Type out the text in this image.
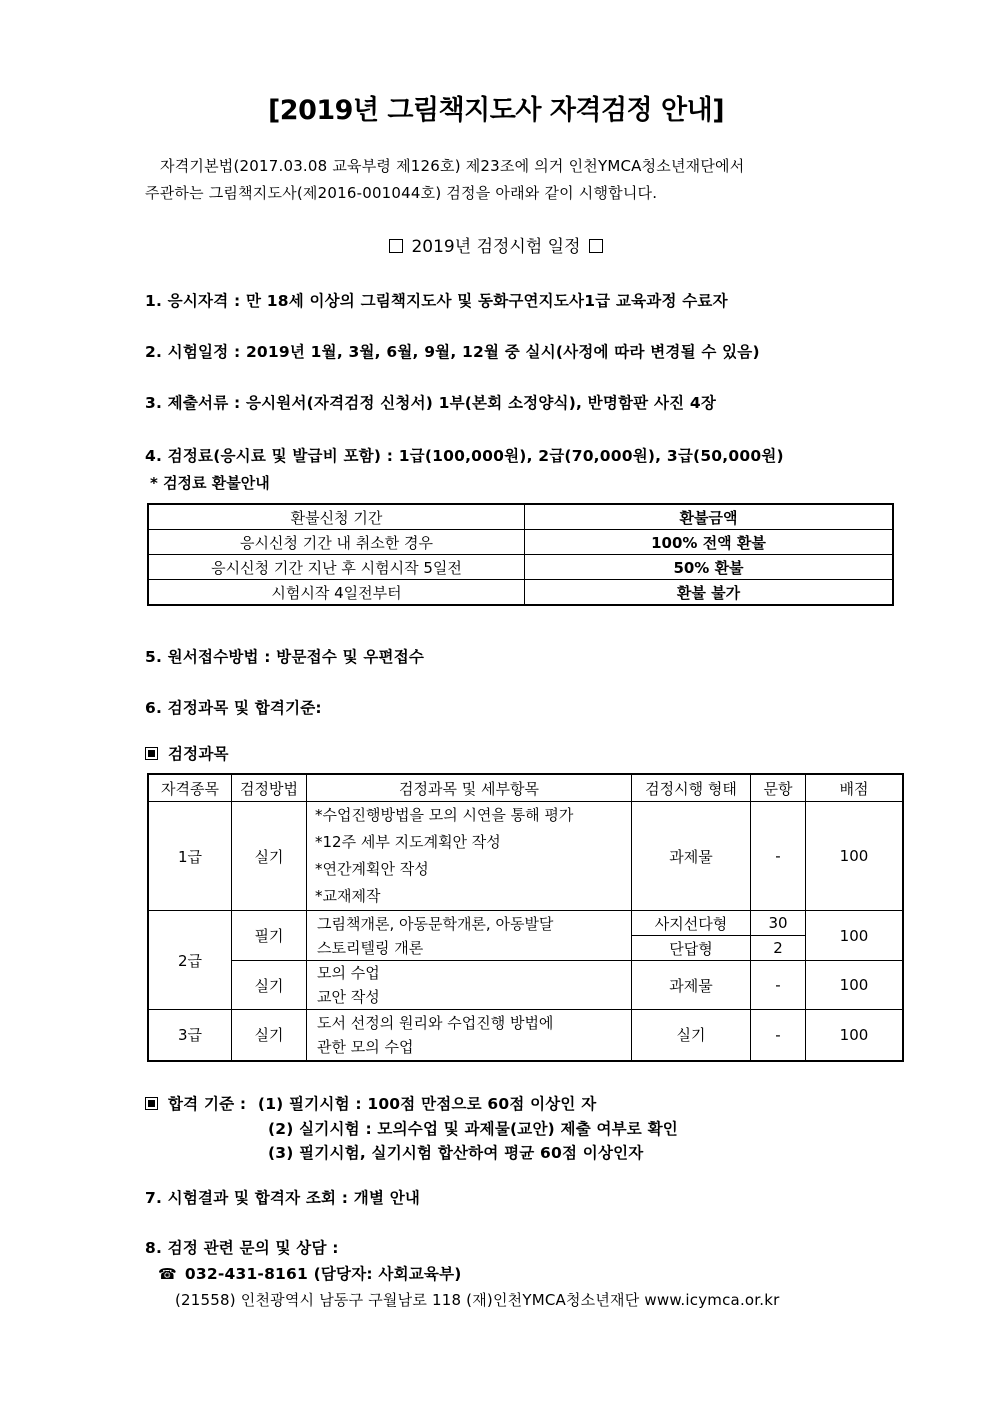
[2019년 그림책지도사 자격검정 안내]
자격기본법(2017.03.08 교육부령 제126호) 제23조에 의거 인천YMCA청소년재단에서
주관하는 그림책지도사(제2016-001044호) 검정을 아래와 같이 시행합니다.
2019년 검정시험 일정
1. 응시자격 : 만 18세 이상의 그림책지도사 및 동화구연지도사1급 교육과정 수료자
2. 시험일정 : 2019년 1월, 3월, 6월, 9월, 12월 중 실시(사정에 따라 변경될 수 있음)
3. 제출서류 : 응시원서(자격검정 신청서) 1부(본회 소정양식), 반명함판 사진 4장
4. 검정료(응시료 및 발급비 포함) : 1급(100,000원), 2급(70,000원), 3급(50,000원)
* 검정료 환불안내
환불신청 기간	환불금액
응시신청 기간 내 취소한 경우	100% 전액 환불
응시신청 기간 지난 후 시험시작 5일전	50% 환불
시험시작 4일전부터	환불 불가
5. 원서접수방법 : 방문접수 및 우편접수
6. 검정과목 및 합격기준:
검정과목
자격종목	검정방법	검정과목 및 세부항목	검정시행 형태	문항	배점
1급	실기	*수업진행방법을 모의 시연을 통해 평가
*12주 세부 지도계획안 작성
*연간계획안 작성
*교재제작	과제물	-	100
2급	필기	그림책개론, 아동문학개론, 아동발달
스토리텔링 개론	사지선다형	30	100
			단답형	2	
	실기	모의 수업
교안 작성	과제물	-	100
3급	실기	도서 선정의 원리와 수업진행 방법에
관한 모의 수업	실기	-	100
합격 기준 : (1) 필기시험 : 100점 만점으로 60점 이상인 자
(2) 실기시험 : 모의수업 및 과제물(교안) 제출 여부로 확인
(3) 필기시험, 실기시험 합산하여 평균 60점 이상인자
7. 시험결과 및 합격자 조회 : 개별 안내
8. 검정 관련 문의 및 상담 :
☎ 032-431-8161 (담당자: 사회교육부)
(21558) 인천광역시 남동구 구월남로 118 (재)인천YMCA청소년재단 www.icymca.or.kr
